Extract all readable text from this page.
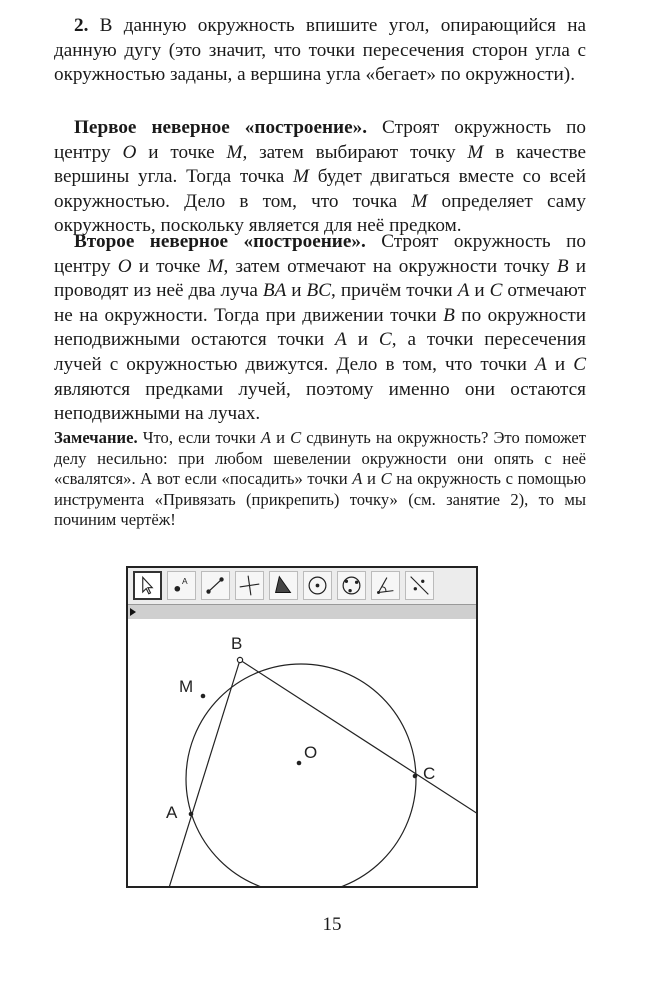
2. В данную окружность впишите угол, опирающийся на данную дугу (это значит, что точки пересечения сторон угла с окружностью заданы, а вершина угла «бегает» по окружности).

Первое неверное «построение». Строят окружность по центру O и точке M, затем выбирают точку M в качестве вершины угла. Тогда точка M будет двигаться вместе со всей окружностью. Дело в том, что точка M определяет саму окружность, поскольку является для неё предком.

Второе неверное «построение». Строят окружность по центру O и точке M, затем отмечают на окружности точку B и проводят из неё два луча BA и BC, причём точки A и C отмечают не на окружности. Тогда при движении точки B по окружности неподвижными остаются точки A и C, а точки пересечения лучей с окружностью движутся. Дело в том, что точки A и C являются предками лучей, поэтому именно они остаются неподвижными на лучах.

Замечание. Что, если точки A и C сдвинуть на окружность? Это поможет делу несильно: при любом шевелении окружности они опять с неё «свалятся». А вот если «посадить» точки A и C на окружность с помощью инструмента «Привязать (прикрепить) точку» (см. занятие 2), то мы починим чертёж!

A
B
M
O
C
A
15
